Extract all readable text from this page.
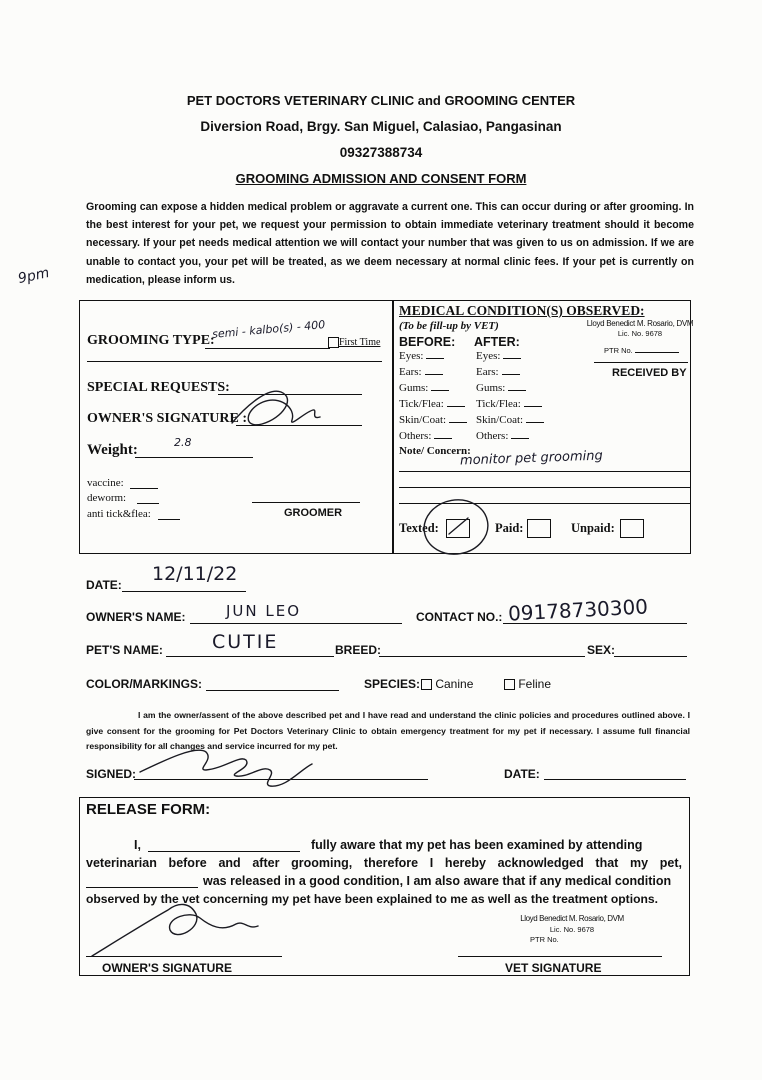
9pm
PET DOCTORS VETERINARY CLINIC and GROOMING CENTER
Diversion Road, Brgy. San Miguel, Calasiao, Pangasinan
09327388734
GROOMING ADMISSION AND CONSENT FORM
Grooming can expose a hidden medical problem or aggravate a current one. This can occur during or after grooming. In the best interest for your pet, we request your permission to obtain immediate veterinary treatment should it become necessary. If your pet needs medical attention we will contact your number that was given to us on admission. If we are unable to contact you, your pet will be treated, as we deem necessary at normal clinic fees. If your pet is currently on medication, please inform us.
GROOMING TYPE:
semi - kalbo(s) - 400
First Time
SPECIAL REQUESTS:
OWNER'S SIGNATURE :
Weight:	2.8
vaccine:
deworm:
anti tick&flea:	GROOMER
MEDICAL CONDITION(S) OBSERVED:
(To be fill-up by VET)
BEFORE: AFTER:
Lloyd Benedict M. Rosario, DVM
Lic. No. 9678
PTR No.
RECEIVED BY
Eyes:	Eyes:
Ears:	Ears:
Gums:	Gums:
Tick/Flea:	Tick/Flea:
Skin/Coat:	Skin/Coat:
Others:	Others:
Note/ Concern:
monitor pet grooming
Texted:	Paid:	Unpaid:
DATE: 12/11/22
OWNER'S NAME:	JUN LEO	CONTACT NO.: 09178730300
PET'S NAME:	CUTIE	BREED:	SEX:
COLOR/MARKINGS:	SPECIES:	Canine	Feline
I am the owner/assent of the above described pet and I have read and understand the clinic policies and procedures outlined above. I give consent for the grooming for Pet Doctors Veterinary Clinic to obtain emergency treatment for my pet if necessary. I assume full financial responsibility for all changes and service incurred for my pet.
SIGNED:	DATE:
RELEASE FORM:
I,	fully aware that my pet has been examined by attending
veterinarian before and after grooming, therefore I hereby acknowledged that my pet,
was released in a good condition, I am also aware that if any medical condition
observed by the vet concerning my pet have been explained to me as well as the treatment options.
OWNER'S SIGNATURE	VET SIGNATURE
Lloyd Benedict M. Rosario, DVM
Lic. No. 9678
PTR No.
